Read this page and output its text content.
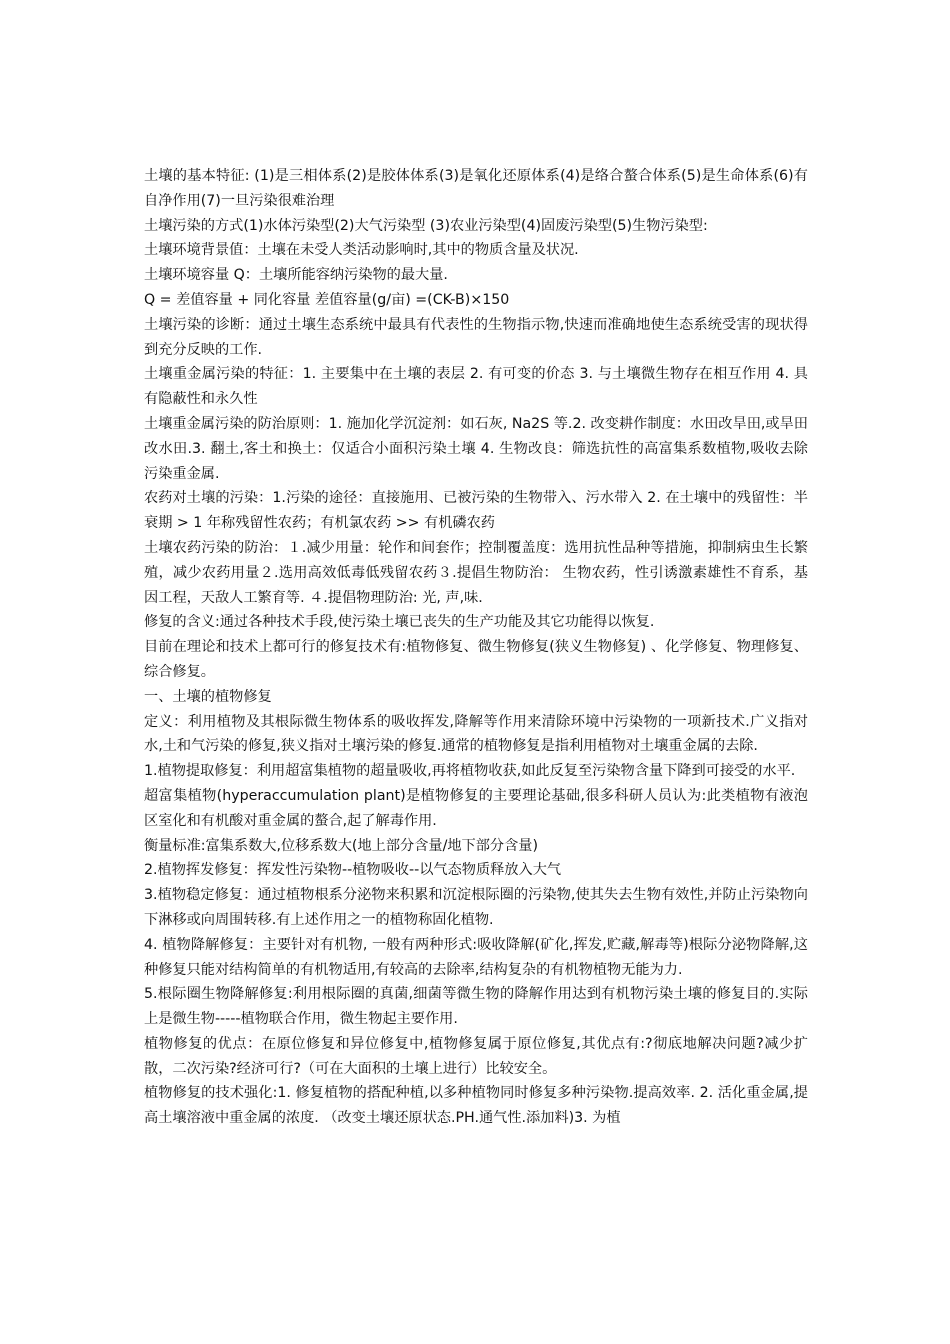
土壤的基本特征: (1)是三相体系(2)是胶体体系(3)是氧化还原体系(4)是络合螯合体系(5)是生命体系(6)有自净作用(7)一旦污染很难治理

土壤污染的方式(1)水体污染型(2)大气污染型 (3)农业污染型(4)固废污染型(5)生物污染型:

土壤环境背景值：土壤在未受人类活动影响时,其中的物质含量及状况.

土壤环境容量 Q：土壤所能容纳污染物的最大量.

Q = 差值容量 + 同化容量 差值容量(g/亩) =(CK-B)×150

土壤污染的诊断：通过土壤生态系统中最具有代表性的生物指示物,快速而准确地使生态系统受害的现状得到充分反映的工作.

土壤重金属污染的特征：1. 主要集中在土壤的表层 2. 有可变的价态 3. 与土壤微生物存在相互作用 4. 具有隐蔽性和永久性

土壤重金属污染的防治原则：1. 施加化学沉淀剂：如石灰, Na2S 等.2. 改变耕作制度：水田改旱田,或旱田改水田.3. 翻土,客土和换土：仅适合小面积污染土壤 4. 生物改良：筛选抗性的高富集系数植物,吸收去除污染重金属.

农药对土壤的污染：1.污染的途径：直接施用、已被污染的生物带入、污水带入 2. 在土壤中的残留性：半衰期 > 1 年称残留性农药；有机氯农药 >> 有机磷农药

土壤农药污染的防治：１.减少用量：轮作和间套作；控制覆盖度：选用抗性品种等措施，抑制病虫生长繁殖，减少农药用量２.选用高效低毒低残留农药３.提倡生物防治： 生物农药，性引诱激素雄性不育系，基因工程，天敌人工繁育等. ４.提倡物理防治: 光, 声,味.

修复的含义:通过各种技术手段,使污染土壤已丧失的生产功能及其它功能得以恢复.

目前在理论和技术上都可行的修复技术有:植物修复、微生物修复(狭义生物修复) 、化学修复、物理修复、综合修复。

一、土壤的植物修复

定义：利用植物及其根际微生物体系的吸收挥发,降解等作用来清除环境中污染物的一项新技术.广义指对水,土和气污染的修复,狭义指对土壤污染的修复.通常的植物修复是指利用植物对土壤重金属的去除.

1.植物提取修复：利用超富集植物的超量吸收,再将植物收获,如此反复至污染物含量下降到可接受的水平.

超富集植物(hyperaccumulation plant)是植物修复的主要理论基础,很多科研人员认为:此类植物有液泡区室化和有机酸对重金属的螯合,起了解毒作用.

衡量标准:富集系数大,位移系数大(地上部分含量/地下部分含量)

2.植物挥发修复：挥发性污染物--植物吸收--以气态物质释放入大气

3.植物稳定修复：通过植物根系分泌物来积累和沉淀根际圈的污染物,使其失去生物有效性,并防止污染物向下淋移或向周围转移.有上述作用之一的植物称固化植物.

4. 植物降解修复：主要针对有机物, 一般有两种形式:吸收降解(矿化,挥发,贮藏,解毒等)根际分泌物降解,这种修复只能对结构简单的有机物适用,有较高的去除率,结构复杂的有机物植物无能为力.

5.根际圈生物降解修复:利用根际圈的真菌,细菌等微生物的降解作用达到有机物污染土壤的修复目的.实际上是微生物-----植物联合作用，微生物起主要作用.

植物修复的优点：在原位修复和异位修复中,植物修复属于原位修复,其优点有:?彻底地解决问题?减少扩散，二次污染?经济可行?（可在大面积的土壤上进行）比较安全。

植物修复的技术强化:1. 修复植物的搭配种植,以多种植物同时修复多种污染物.提高效率. 2. 活化重金属,提高土壤溶液中重金属的浓度. （改变土壤还原状态.PH.通气性.添加料)3. 为植
